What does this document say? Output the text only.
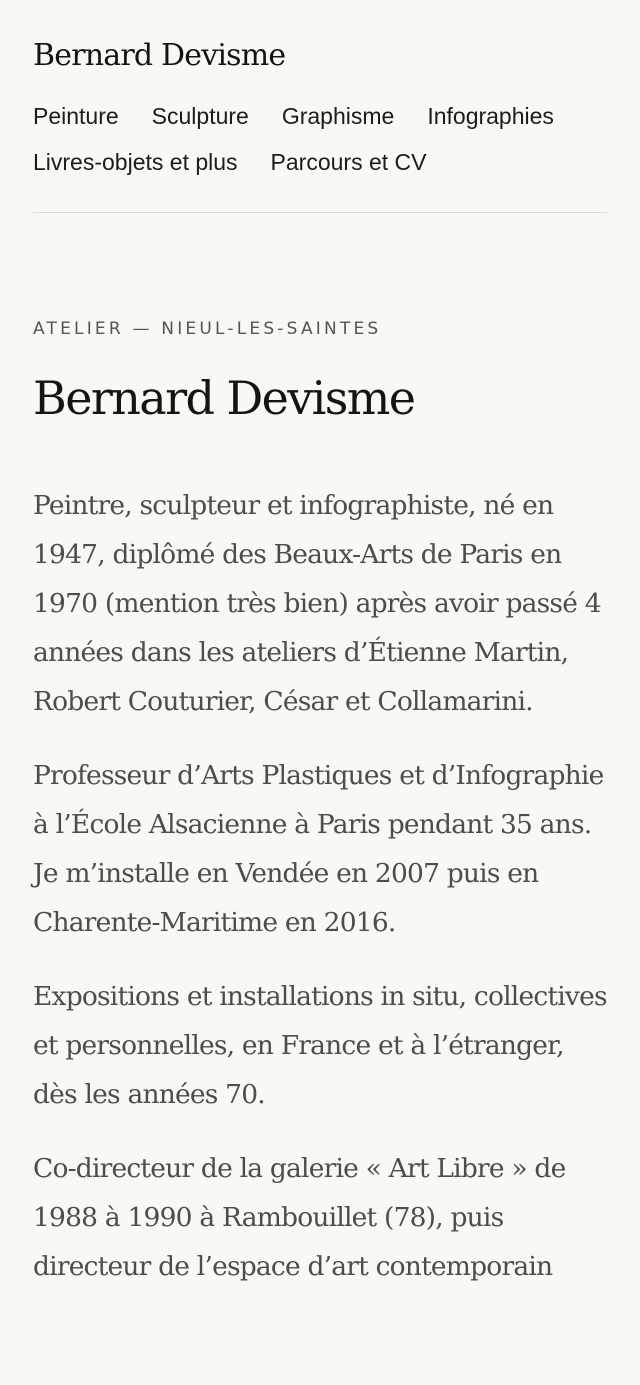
Bernard Devisme
Peinture Sculpture Graphisme Infographies
Livres-objets et plus Parcours et CV
ATELIER — NIEUL-LES-SAINTES
Bernard Devisme

Peintre, sculpteur et infographiste, né en 1947, diplômé des Beaux-Arts de Paris en 1970 (mention très bien) après avoir passé 4 années dans les ateliers d’Étienne Martin, Robert Couturier, César et Collamarini.

Professeur d’Arts Plastiques et d’Infographie à l’École Alsacienne à Paris pendant 35 ans. Je m’installe en Vendée en 2007 puis en Charente-Maritime en 2016.

Expositions et installations in situ, collectives et personnelles, en France et à l’étranger, dès les années 70.

Co-directeur de la galerie « Art Libre » de 1988 à 1990 à Rambouillet (78), puis directeur de l’espace d’art contemporain
